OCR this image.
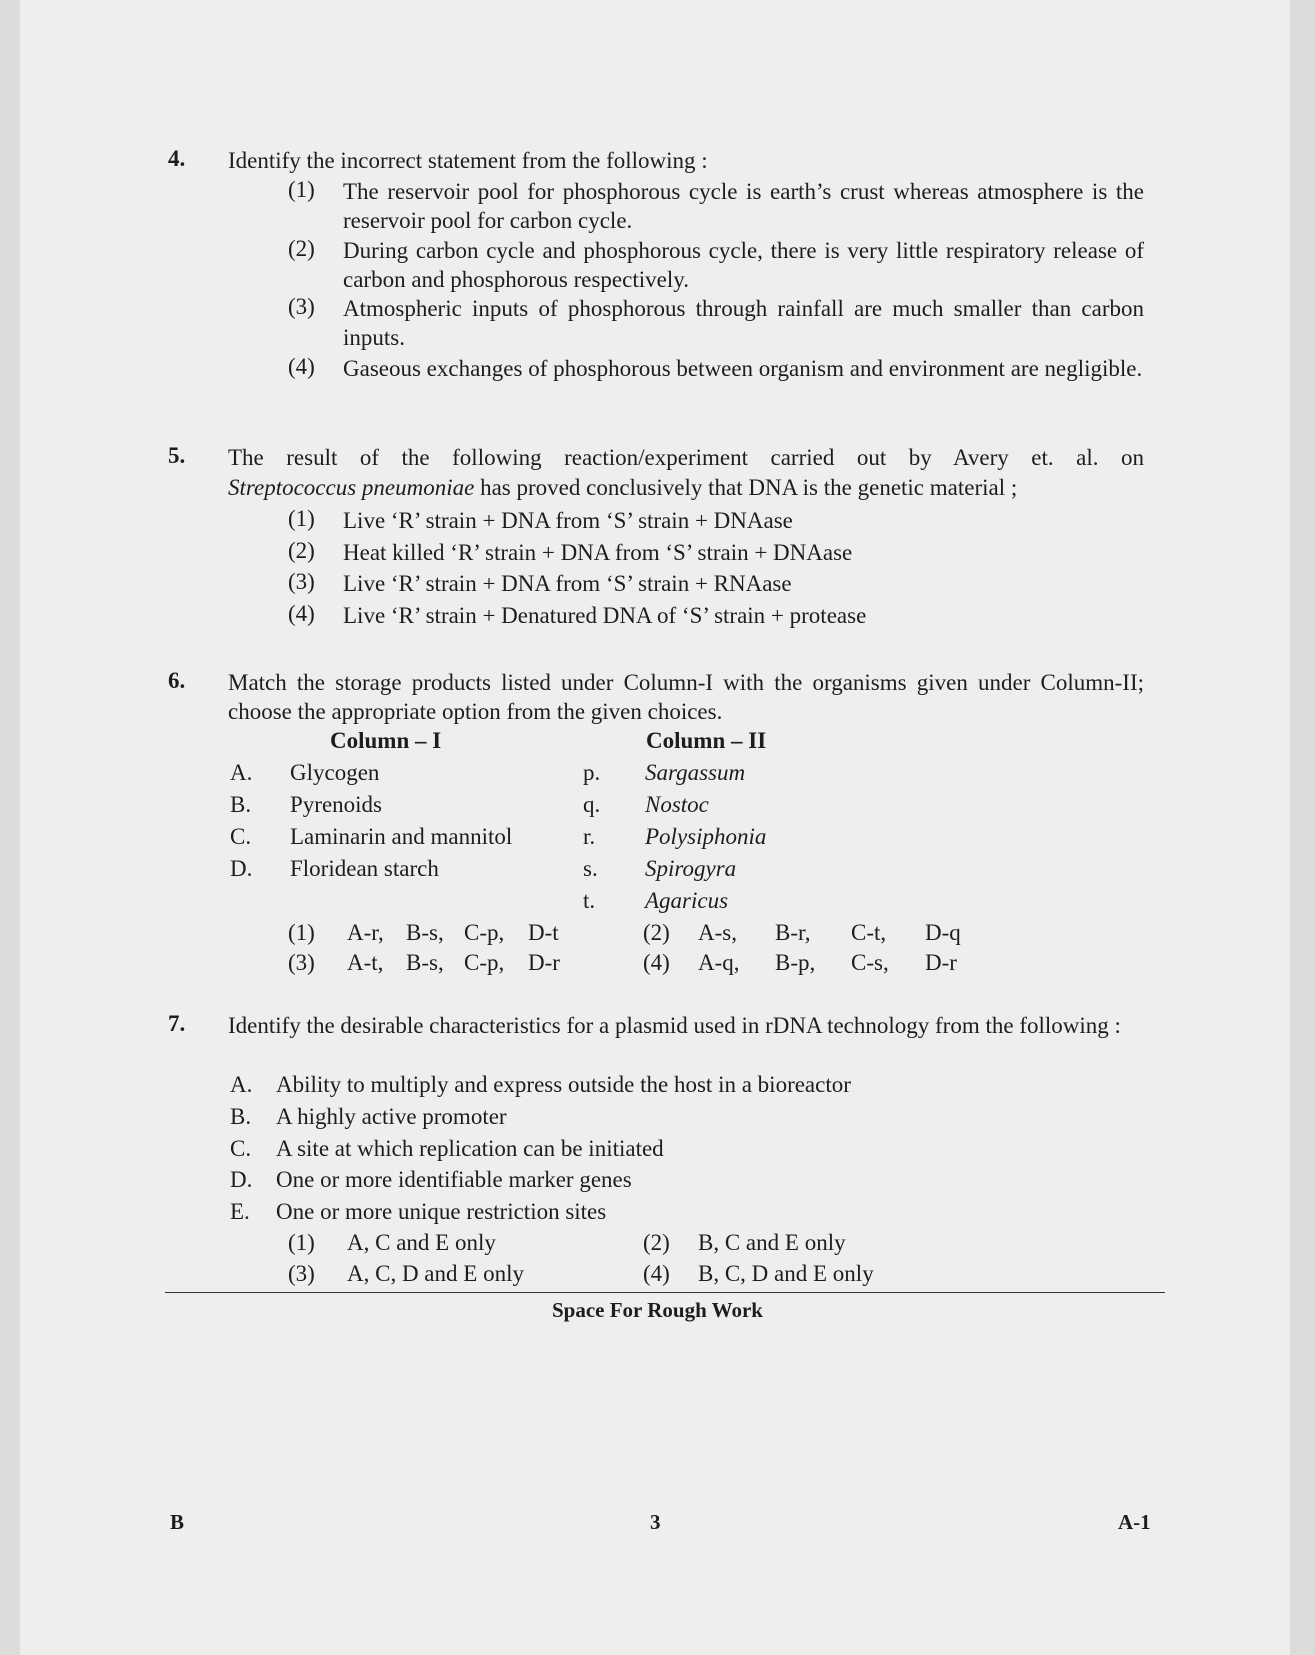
4. Identify the incorrect statement from the following :
(1) The reservoir pool for phosphorous cycle is earth’s crust whereas atmosphere is the reservoir pool for carbon cycle.
(2) During carbon cycle and phosphorous cycle, there is very little respiratory release of carbon and phosphorous respectively.
(3) Atmospheric inputs of phosphorous through rainfall are much smaller than carbon inputs.
(4) Gaseous exchanges of phosphorous between organism and environment are negligible.
5. The result of the following reaction/experiment carried out by Avery et. al. on
Streptococcus pneumoniae has proved conclusively that DNA is the genetic material ;
(1) Live ‘R’ strain + DNA from ‘S’ strain + DNAase
(2) Heat killed ‘R’ strain + DNA from ‘S’ strain + DNAase
(3) Live ‘R’ strain + DNA from ‘S’ strain + RNAase
(4) Live ‘R’ strain + Denatured DNA of ‘S’ strain + protease
6. Match the storage products listed under Column-I with the organisms given under Column-II; choose the appropriate option from the given choices.
Column – I	Column – II
A. Glycogen	p. Sargassum
B. Pyrenoids	q. Nostoc
C. Laminarin and mannitol	r. Polysiphonia
D. Floridean starch	s. Spirogyra
t. Agaricus
(1) A-r, B-s, C-p, D-t	(2) A-s, B-r, C-t, D-q
(3) A-t, B-s, C-p, D-r	(4) A-q, B-p, C-s, D-r
7. Identify the desirable characteristics for a plasmid used in rDNA technology from the following :
A. Ability to multiply and express outside the host in a bioreactor
B. A highly active promoter
C. A site at which replication can be initiated
D. One or more identifiable marker genes
E. One or more unique restriction sites
(1) A, C and E only	(2) B, C and E only
(3) A, C, D and E only	(4) B, C, D and E only
Space For Rough Work
B	3	A-1
